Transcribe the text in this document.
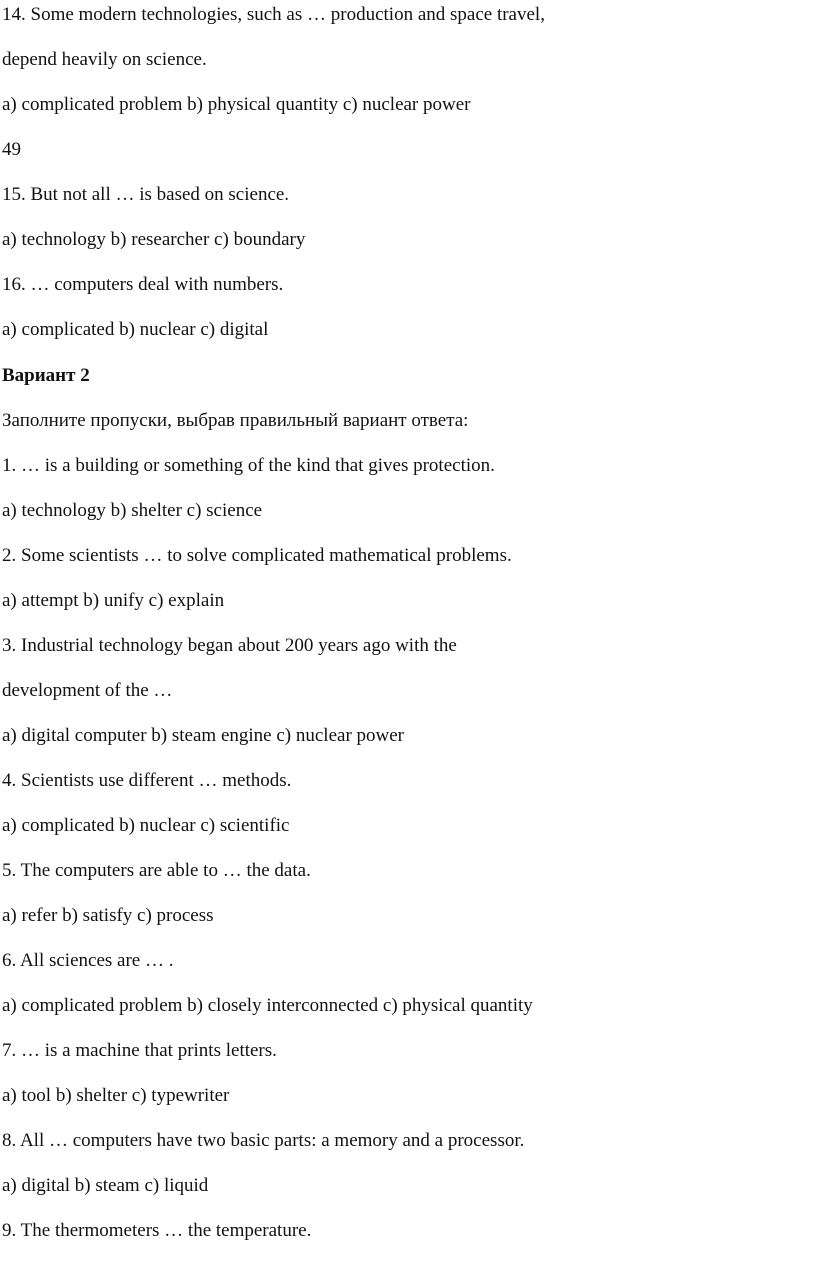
14. Some modern technologies, such as … production and space travel,

depend heavily on science.

a) complicated problem b) physical quantity c) nuclear power

49

15. But not all … is based on science.

a) technology b) researcher c) boundary

16. … computers deal with numbers.

a) complicated b) nuclear c) digital

Вариант 2

Заполните пропуски, выбрав правильный вариант ответа:

1. … is a building or something of the kind that gives protection.

a) technology b) shelter c) science

2. Some scientists … to solve complicated mathematical problems.

a) attempt b) unify c) explain

3. Industrial technology began about 200 years ago with the

development of the …

a) digital computer b) steam engine c) nuclear power

4. Scientists use different … methods.

a) complicated b) nuclear c) scientific

5. The computers are able to … the data.

a) refer b) satisfy c) process

6. All sciences are … .

a) complicated problem b) closely interconnected c) physical quantity

7. … is a machine that prints letters.

a) tool b) shelter c) typewriter

8. All … computers have two basic parts: a memory and a processor.

a) digital b) steam c) liquid

9. The thermometers … the temperature.
